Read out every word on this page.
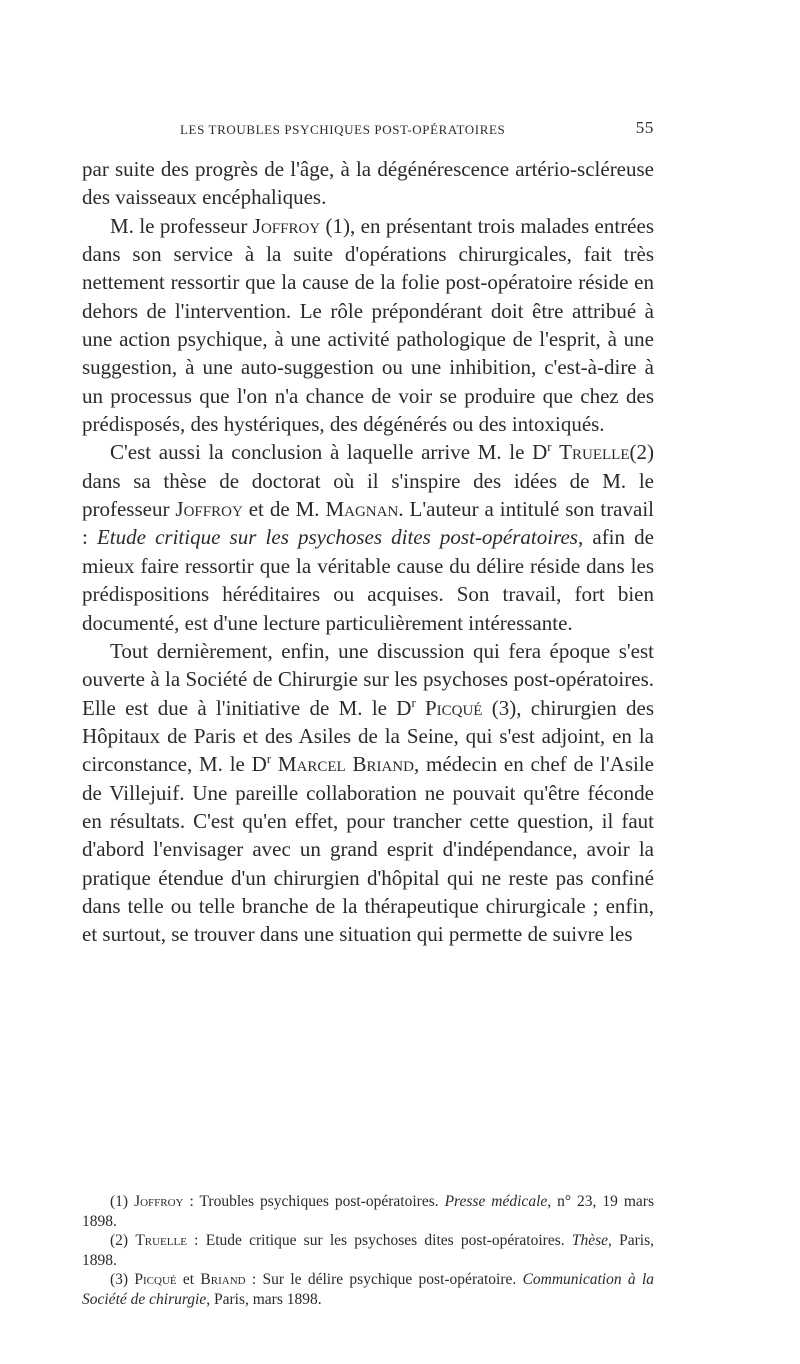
LES TROUBLES PSYCHIQUES POST-OPÉRATOIRES	55

par suite des progrès de l'âge, à la dégénérescence artério-scléreuse des vaisseaux encéphaliques.

M. le professeur Joffroy (1), en présentant trois malades entrées dans son service à la suite d'opérations chirurgicales, fait très nettement ressortir que la cause de la folie post-opératoire réside en dehors de l'intervention. Le rôle prépondérant doit être attribué à une action psychique, à une activité pathologique de l'esprit, à une suggestion, à une auto-suggestion ou une inhibition, c'est-à-dire à un processus que l'on n'a chance de voir se produire que chez des prédisposés, des hystériques, des dégénérés ou des intoxiqués.

C'est aussi la conclusion à laquelle arrive M. le $D^r$ Truelle(2) dans sa thèse de doctorat où il s'inspire des idées de M. le professeur Joffroy et de M. Magnan. L'auteur a intitulé son travail : Etude critique sur les psychoses dites post-opératoires, afin de mieux faire ressortir que la véritable cause du délire réside dans les prédispositions héréditaires ou acquises. Son travail, fort bien documenté, est d'une lecture particulièrement intéressante.

Tout dernièrement, enfin, une discussion qui fera époque s'est ouverte à la Société de Chirurgie sur les psychoses post-opératoires. Elle est due à l'initiative de M. le $D^r$ Picqué (3), chirurgien des Hôpitaux de Paris et des Asiles de la Seine, qui s'est adjoint, en la circonstance, M. le $D^r$ Marcel Briand, médecin en chef de l'Asile de Villejuif. Une pareille collaboration ne pouvait qu'être féconde en résultats. C'est qu'en effet, pour trancher cette question, il faut d'abord l'envisager avec un grand esprit d'indépendance, avoir la pratique étendue d'un chirurgien d'hôpital qui ne reste pas confiné dans telle ou telle branche de la thérapeutique chirurgicale ; enfin, et surtout, se trouver dans une situation qui permette de suivre les

(1) Joffroy : Troubles psychiques post-opératoires. Presse médicale, n° 23, 19 mars 1898.

(2) Truelle : Etude critique sur les psychoses dites post-opératoires. Thèse, Paris, 1898.

(3) Picqué et Briand : Sur le délire psychique post-opératoire. Communication à la Société de chirurgie, Paris, mars 1898.
